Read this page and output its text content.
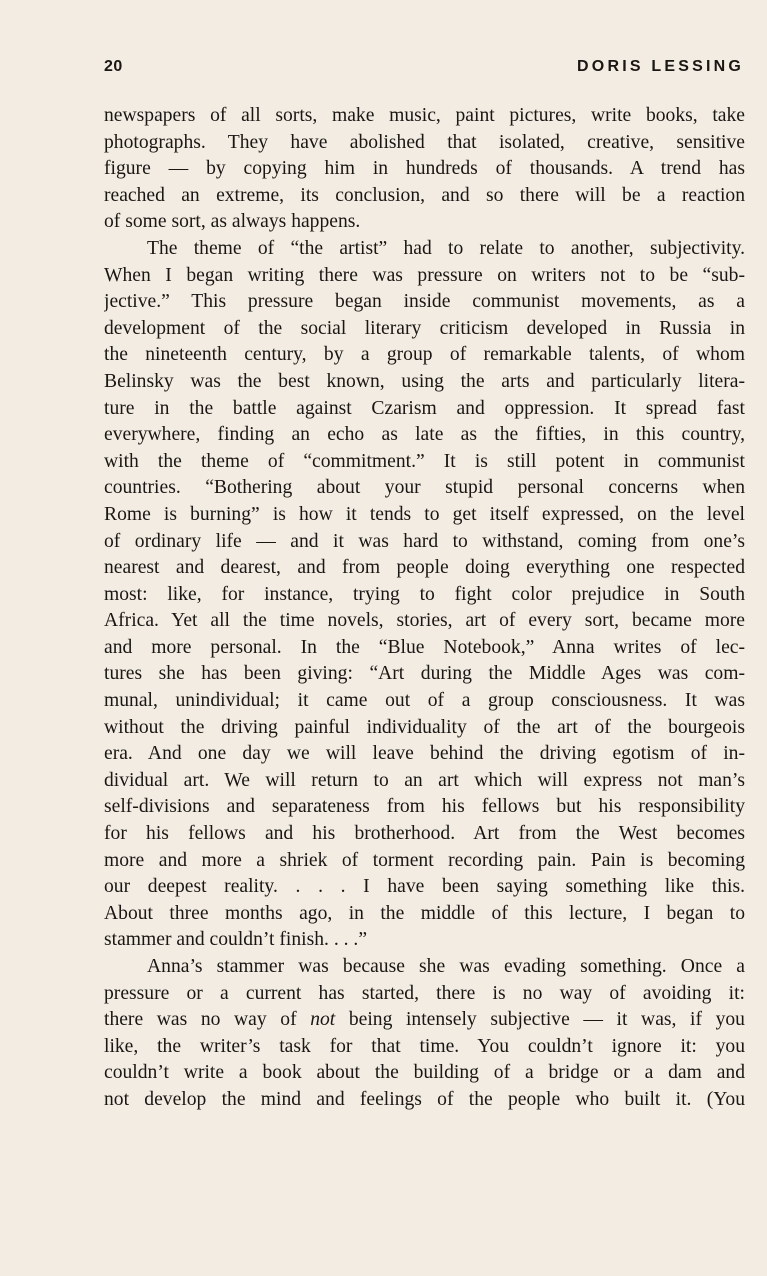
20	DORIS LESSING
newspapers of all sorts, make music, paint pictures, write books, take
photographs. They have abolished that isolated, creative, sensitive
figure — by copying him in hundreds of thousands. A trend has
reached an extreme, its conclusion, and so there will be a reaction
of some sort, as always happens.
The theme of “the artist” had to relate to another, subjectivity.
When I began writing there was pressure on writers not to be “sub-
jective.” This pressure began inside communist movements, as a
development of the social literary criticism developed in Russia in
the nineteenth century, by a group of remarkable talents, of whom
Belinsky was the best known, using the arts and particularly litera-
ture in the battle against Czarism and oppression. It spread fast
everywhere, finding an echo as late as the fifties, in this country,
with the theme of “commitment.” It is still potent in communist
countries. “Bothering about your stupid personal concerns when
Rome is burning” is how it tends to get itself expressed, on the level
of ordinary life — and it was hard to withstand, coming from one’s
nearest and dearest, and from people doing everything one respected
most: like, for instance, trying to fight color prejudice in South
Africa. Yet all the time novels, stories, art of every sort, became more
and more personal. In the “Blue Notebook,” Anna writes of lec-
tures she has been giving: “Art during the Middle Ages was com-
munal, unindividual; it came out of a group consciousness. It was
without the driving painful individuality of the art of the bourgeois
era. And one day we will leave behind the driving egotism of in-
dividual art. We will return to an art which will express not man’s
self-divisions and separateness from his fellows but his responsibility
for his fellows and his brotherhood. Art from the West becomes
more and more a shriek of torment recording pain. Pain is becoming
our deepest reality. . . . I have been saying something like this.
About three months ago, in the middle of this lecture, I began to
stammer and couldn’t finish. . . .”
Anna’s stammer was because she was evading something. Once a
pressure or a current has started, there is no way of avoiding it:
there was no way of not being intensely subjective — it was, if you
like, the writer’s task for that time. You couldn’t ignore it: you
couldn’t write a book about the building of a bridge or a dam and
not develop the mind and feelings of the people who built it. (You
